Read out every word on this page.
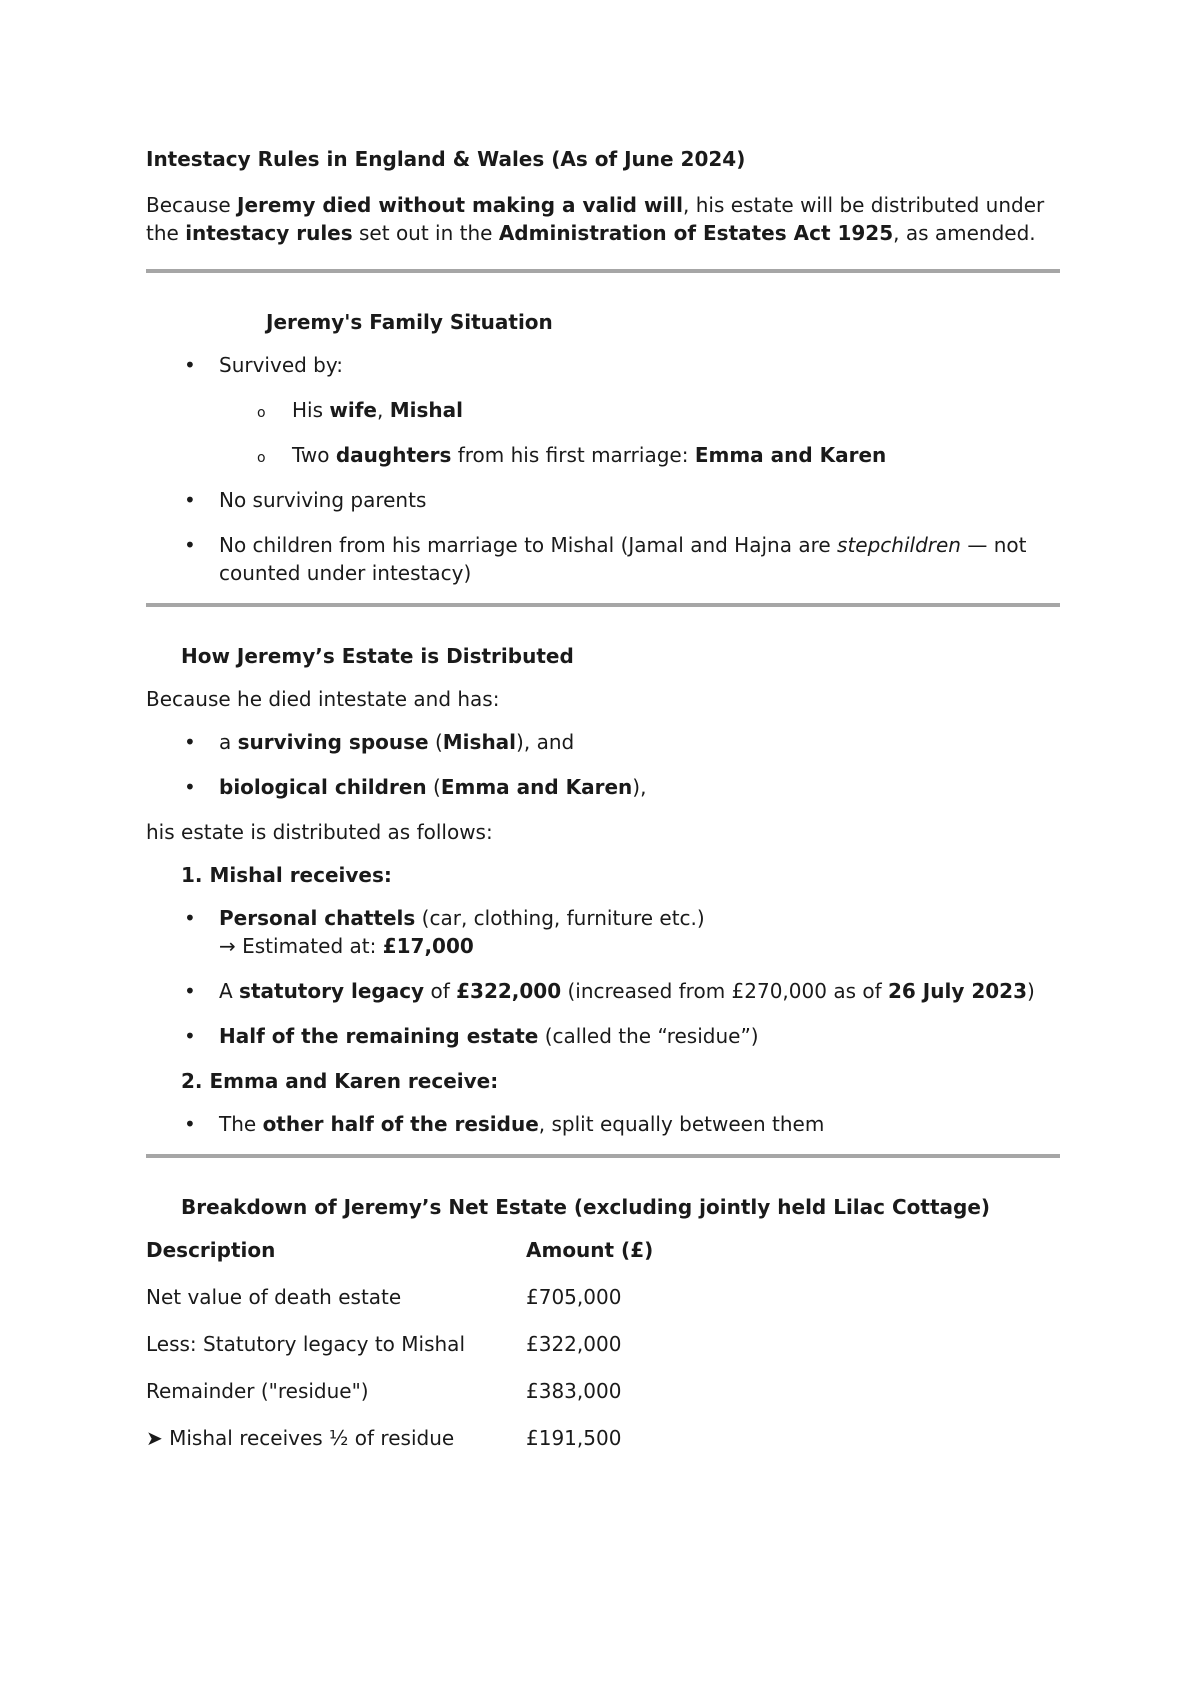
Intestacy Rules in England & Wales (As of June 2024)

Because Jeremy died without making a valid will, his estate will be distributed under the intestacy rules set out in the Administration of Estates Act 1925, as amended.

Jeremy's Family Situation

• Survived by:
o His wife, Mishal
o Two daughters from his first marriage: Emma and Karen
• No surviving parents
• No children from his marriage to Mishal (Jamal and Hajna are stepchildren — not counted under intestacy)

How Jeremy’s Estate is Distributed

Because he died intestate and has:

• a surviving spouse (Mishal), and
• biological children (Emma and Karen),

his estate is distributed as follows:

1. Mishal receives:

• Personal chattels (car, clothing, furniture etc.)
→ Estimated at: £17,000
• A statutory legacy of £322,000 (increased from £270,000 as of 26 July 2023)
• Half of the remaining estate (called the “residue”)

2. Emma and Karen receive:

• The other half of the residue, split equally between them

Breakdown of Jeremy’s Net Estate (excluding jointly held Lilac Cottage)

Description	Amount (£)
Net value of death estate	£705,000
Less: Statutory legacy to Mishal	£322,000
Remainder ("residue")	£383,000
➤ Mishal receives ½ of residue	£191,500
